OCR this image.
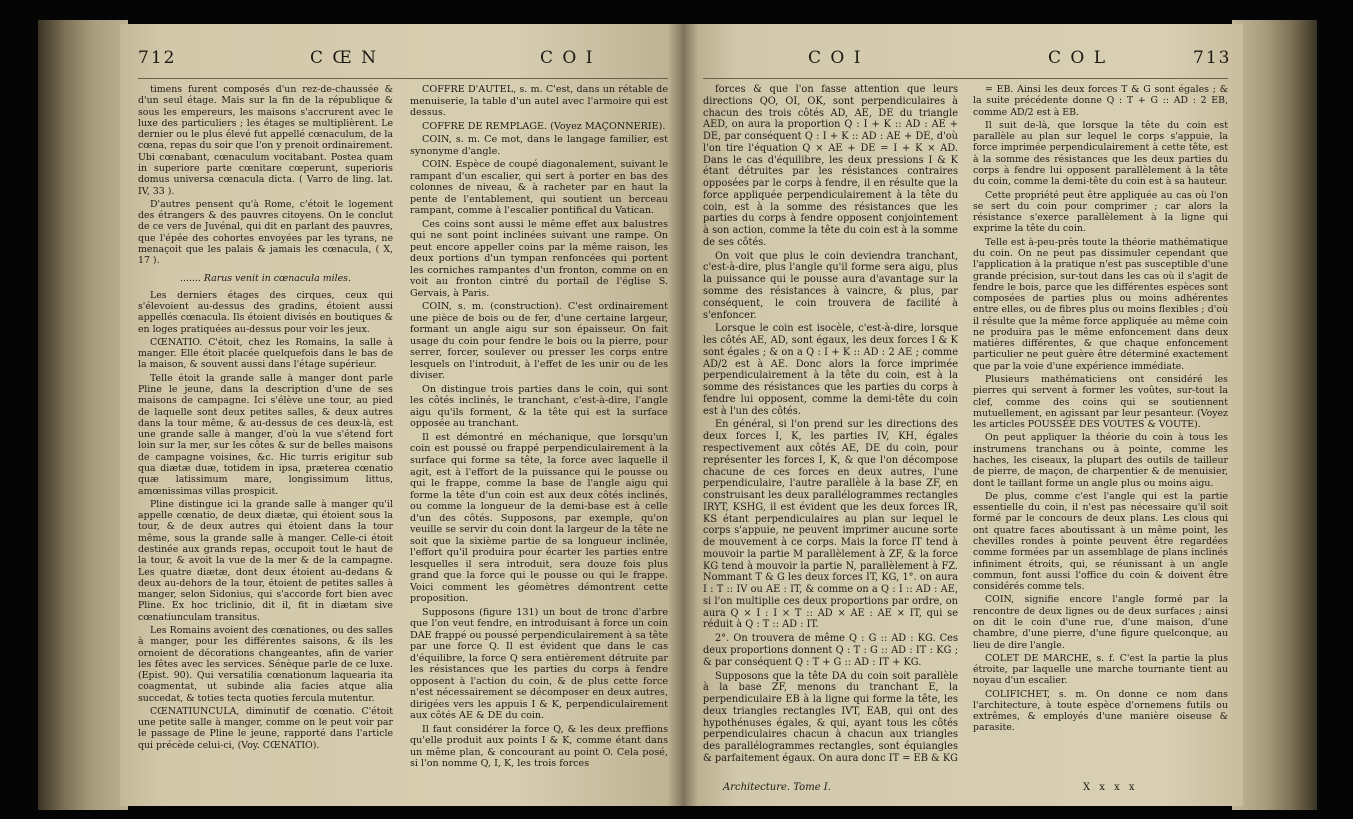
712	C Œ N	C O I

timens furent composés d'un rez-de-chaussée & d'un seul étage. Mais sur la fin de la république & sous les empereurs, les maisons s'accrurent avec le luxe des particuliers ; les étages se multiplièrent. Le dernier ou le plus élevé fut appellé cœnaculum, de la cœna, repas du soir que l'on y prenoit ordinairement. Ubi cœnabant, cœnaculum vocitabant. Postea quam in superiore parte cœnitare cœperunt, superioris domus universa cœnacula dicta. ( Varro de ling. lat. IV, 33 ).

D'autres pensent qu'à Rome, c'étoit le logement des étrangers & des pauvres citoyens. On le conclut de ce vers de Juvénal, qui dit en parlant des pauvres, que l'épée des cohortes envoyées par les tyrans, ne menaçoit que les palais & jamais les cœnacula, ( X, 17 ).

....... Rarus venit in cœnacula miles.

Les derniers étages des cirques, ceux qui s'élevoient au-dessus des gradins, étoient aussi appellés cœnacula. Ils étoient divisés en boutiques & en loges pratiquées au-dessus pour voir les jeux.

CŒNATIO. C'étoit, chez les Romains, la salle à manger. Elle étoit placée quelquefois dans le bas de la maison, & souvent aussi dans l'étage supérieur.

Telle étoit la grande salle à manger dont parle Pline le jeune, dans la description d'une de ses maisons de campagne. Ici s'élève une tour, au pied de laquelle sont deux petites salles, & deux autres dans la tour même, & au-dessus de ces deux-là, est une grande salle à manger, d'où la vue s'étend fort loin sur la mer, sur les côtes & sur de belles maisons de campagne voisines, &c. Hic turris erigitur sub qua diætæ duæ, totidem in ipsa, præterea cœnatio quæ latissimum mare, longissimum littus, amœnissimas villas prospicit.

Pline distingue ici la grande salle à manger qu'il appelle cœnatio, de deux diætæ, qui étoient sous la tour, & de deux autres qui étoient dans la tour même, sous la grande salle à manger. Celle-ci étoit destinée aux grands repas, occupoit tout le haut de la tour, & avoit la vue de la mer & de la campagne. Les quatre diætæ, dont deux étoient au-dedans & deux au-dehors de la tour, étoient de petites salles à manger, selon Sidonius, qui s'accorde fort bien avec Pline. Ex hoc triclinio, dit il, fit in diætam sive cœnatiunculam transitus.

Les Romains avoient des cœnationes, ou des salles à manger, pour les différentes saisons, & ils les ornoient de décorations changeantes, afin de varier les fêtes avec les services. Sénèque parle de ce luxe. (Epist. 90). Qui versatilia cœnationum laquearia ita coagmentat, ut subinde alia facies atque alia succedat, & toties tecta quoties fercula mutentur.

CŒNATIUNCULA, diminutif de cœnatio. C'étoit une petite salle à manger, comme on le peut voir par le passage de Pline le jeune, rapporté dans l'article qui précède celui-ci, (Voy. CŒNATIO).

COFFRE D'AUTEL, s. m. C'est, dans un rétable de menuiserie, la table d'un autel avec l'armoire qui est dessus.

COFFRE DE REMPLAGE. (Voyez MAÇONNERIE).

COIN, s. m. Ce mot, dans le langage familier, est synonyme d'angle.

COIN. Espèce de coupé diagonalement, suivant le rampant d'un escalier, qui sert à porter en bas des colonnes de niveau, & à racheter par en haut la pente de l'entablement, qui soutient un berceau rampant, comme à l'escalier pontifical du Vatican.

Ces coins sont aussi le même effet aux balustres qui ne sont point inclinées suivant une rampe. On peut encore appeller coins par la même raison, les deux portions d'un tympan renfoncées qui portent les corniches rampantes d'un fronton, comme on en voit au fronton cintré du portail de l'église S. Gervais, à Paris.

COIN, s. m. (construction). C'est ordinairement une pièce de bois ou de fer, d'une certaine largeur, formant un angle aigu sur son épaisseur. On fait usage du coin pour fendre le bois ou la pierre, pour serrer, forcer, soulever ou presser les corps entre lesquels on l'introduit, à l'effet de les unir ou de les diviser.

On distingue trois parties dans le coin, qui sont les côtés inclinés, le tranchant, c'est-à-dire, l'angle aigu qu'ils forment, & la tête qui est la surface opposée au tranchant.

Il est démontré en méchanique, que lorsqu'un coin est poussé ou frappé perpendiculairement à la surface qui forme sa tête, la force avec laquelle il agit, est à l'effort de la puissance qui le pousse ou qui le frappe, comme la base de l'angle aigu qui forme la tête d'un coin est aux deux côtés inclinés, ou comme la longueur de la demi-base est à celle d'un des côtés. Supposons, par exemple, qu'on veuille se servir du coin dont la largeur de la tête ne soit que la sixième partie de sa longueur inclinée, l'effort qu'il produira pour écarter les parties entre lesquelles il sera introduit, sera douze fois plus grand que la force qui le pousse ou qui le frappe. Voici comment les géomètres démontrent cette proposition.

Supposons (figure 131) un bout de tronc d'arbre que l'on veut fendre, en introduisant à force un coin DAE frappé ou poussé perpendiculairement à sa tête par une force Q. Il est évident que dans le cas d'équilibre, la force Q sera entièrement détruite par les résistances que les parties du corps à fendre opposent à l'action du coin, & de plus cette force n'est nécessairement se décomposer en deux autres, dirigées vers les appuis I & K, perpendiculairement aux côtés AE & DE du coin.

Il faut considérer la force Q, & les deux preffions qu'elle produit aux points I & K, comme étant dans un même plan, & concourant au point O. Cela posé, si l'on nomme Q, I, K, les trois forces

C O I	C O L	713

forces & que l'on fasse attention que leurs directions QO, OI, OK, sont perpendiculaires à chacun des trois côtés AD, AE, DE du triangle AED, on aura la proportion Q : I + K :: AD : AE + DE, par conséquent Q : I + K :: AD : AE + DE, d'où l'on tire l'équation Q × AE + DE = I + K × AD. Dans le cas d'équilibre, les deux pressions I & K étant détruites par les résistances contraires opposées par le corps à fendre, il en résulte que la force appliquée perpendiculairement à la tête du coin, est à la somme des résistances que les parties du corps à fendre opposent conjointement à son action, comme la tête du coin est à la somme de ses côtés.

On voit que plus le coin deviendra tranchant, c'est-à-dire, plus l'angle qu'il forme sera aigu, plus la puissance qui le pousse aura d'avantage sur la somme des résistances à vaincre, & plus, par conséquent, le coin trouvera de facilité à s'enfoncer.

Lorsque le coin est isocèle, c'est-à-dire, lorsque les côtés AE, AD, sont égaux, les deux forces I & K sont égales ; & on a Q : I + K :: AD : 2 AE ; comme AD/2 est à AE. Donc alors la force imprimée perpendiculairement à la tête du coin, est à la somme des résistances que les parties du corps à fendre lui opposent, comme la demi-tête du coin est à l'un des côtés.

En général, si l'on prend sur les directions des deux forces I, K, les parties IV, KH, égales respectivement aux côtés AE, DE du coin, pour représenter les forces I, K, & que l'on décompose chacune de ces forces en deux autres, l'une perpendiculaire, l'autre parallèle à la base ZF, en construisant les deux parallélogrammes rectangles IRYT, KSHG, il est évident que les deux forces IR, KS étant perpendiculaires au plan sur lequel le corps s'appuie, ne peuvent imprimer aucune sorte de mouvement à ce corps. Mais la force IT tend à mouvoir la partie M parallèlement à ZF, & la force KG tend à mouvoir la partie N, parallèlement à FZ. Nommant T & G les deux forces IT, KG, 1°. on aura I : T :: IV ou AE : IT, & comme on a Q : I :: AD : AE, si l'on multiplie ces deux proportions par ordre, on aura Q × I : I × T :: AD × AE : AE × IT, qui se réduit à Q : T :: AD : IT.

2°. On trouvera de même Q : G :: AD : KG. Ces deux proportions donnent Q : T : G :: AD : IT : KG ; & par conséquent Q : T + G :: AD : IT + KG.

Supposons que la tête DA du coin soit parallèle à la base ZF, menons du tranchant E, la perpendiculaire EB à la ligne qui forme la tête, les deux triangles rectangles IVT, EAB, qui ont des hypothénuses égales, & qui, ayant tous les côtés perpendiculaires chacun à chacun aux triangles des parallélogrammes rectangles, sont équiangles & parfaitement égaux. On aura donc IT = EB & KG

= EB. Ainsi les deux forces T & G sont égales ; & la suite précédente donne Q : T + G :: AD : 2 EB, comme AD/2 est à EB.

Il suit de-là, que lorsque la tête du coin est parallèle au plan sur lequel le corps s'appuie, la force imprimée perpendiculairement à cette tête, est à la somme des résistances que les deux parties du corps à fendre lui opposent parallèlement à la tête du coin, comme la demi-tête du coin est à sa hauteur.

Cette propriété peut être appliquée au cas où l'on se sert du coin pour comprimer ; car alors la résistance s'exerce parallèlement à la ligne qui exprime la tête du coin.

Telle est à-peu-près toute la théorie mathématique du coin. On ne peut pas dissimuler cependant que l'application à la pratique n'est pas susceptible d'une grande précision, sur-tout dans les cas où il s'agit de fendre le bois, parce que les différentes espèces sont composées de parties plus ou moins adhérentes entre elles, ou de fibres plus ou moins flexibles ; d'où il résulte que la même force appliquée au même coin ne produira pas le même enfoncement dans deux matières différentes, & que chaque enfoncement particulier ne peut guère être déterminé exactement que par la voie d'une expérience immédiate.

Plusieurs mathématiciens ont considéré les pierres qui servent à former les voûtes, sur-tout la clef, comme des coins qui se soutiennent mutuellement, en agissant par leur pesanteur. (Voyez les articles POUSSÉE DES VOUTES & VOUTE).

On peut appliquer la théorie du coin à tous les instrumens tranchans ou à pointe, comme les haches, les ciseaux, la plupart des outils de tailleur de pierre, de maçon, de charpentier & de menuisier, dont le taillant forme un angle plus ou moins aigu.

De plus, comme c'est l'angle qui est la partie essentielle du coin, il n'est pas nécessaire qu'il soit formé par le concours de deux plans. Les clous qui ont quatre faces aboutissant à un même point, les chevilles rondes à pointe peuvent être regardées comme formées par un assemblage de plans inclinés infiniment étroits, qui, se réunissant à un angle commun, font aussi l'office du coin & doivent être considérés comme tels.

COIN, signifie encore l'angle formé par la rencontre de deux lignes ou de deux surfaces ; ainsi on dit le coin d'une rue, d'une maison, d'une chambre, d'une pierre, d'une figure quelconque, au lieu de dire l'angle.

COLET DE MARCHE, s. f. C'est la partie la plus étroite, par laquelle une marche tournante tient au noyau d'un escalier.

COLIFICHET, s. m. On donne ce nom dans l'architecture, à toute espèce d'ornemens futils ou extrêmes, & employés d'une manière oiseuse & parasite.

Architecture. Tome I.	X x x x
